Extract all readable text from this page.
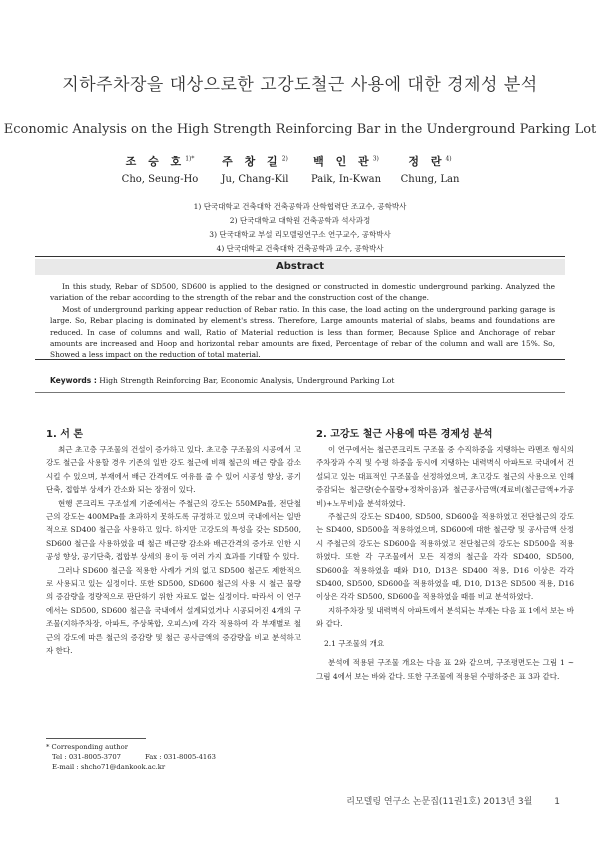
지하주차장을 대상으로한 고강도철근 사용에 대한 경제성 분석
Economic Analysis on the High Strength Reinforcing Bar in the Underground Parking Lot
조 승 호$^{1)*}$
Cho, Seung-Ho
주 창 길$^{2)}$
Ju, Chang-Kil
백 인 관$^{3)}$
Paik, In-Kwan
정 란$^{4)}$
Chung, Lan
1) 단국대학교 건축대학 건축공학과 산학협력단 조교수, 공학박사
2) 단국대학교 대학원 건축공학과 석사과정
3) 단국대학교 부설 리모델링연구소 연구교수, 공학박사
4) 단국대학교 건축대학 건축공학과 교수, 공학박사
Abstract

In this study, Rebar of SD500, SD600 is applied to the designed or constructed in domestic underground parking. Analyzed the variation of the rebar according to the strength of the rebar and the construction cost of the change.

Most of underground parking appear reduction of Rebar ratio. In this case, the load acting on the underground parking garage is large. So, Rebar placing is dominated by element's stress. Therefore, Large amounts material of slabs, beams and foundations are reduced. In case of columns and wall, Ratio of Material reduction is less than former, Because Splice and Anchorage of rebar amounts are increased and Hoop and horizontal rebar amounts are fixed, Percentage of rebar of the column and wall are 15%. So, Showed a less impact on the reduction of total material.

Keywords : High Strength Reinforcing Bar, Economic Analysis, Underground Parking Lot
1. 서 론	2. 고강도 철근 사용에 따른 경제성 분석

최근 초고층 구조물의 건설이 증가하고 있다. 초고층 구조물의 시공에서 고강도 철근을 사용할 경우 기존의 일반 강도 철근에 비해 철근의 배근 량을 감소시킬 수 있으며, 부재에서 배근 간격에도 여유를 줄 수 있어 시공성 향상, 공기단축, 접합부 상세가 간소화 되는 장점이 있다.

현행 콘크리트 구조설계 기준에서는 주철근의 강도는 550MPa를, 전단철근의 강도는 400MPa를 초과하지 못하도록 규정하고 있으며 국내에서는 일반적으로 SD400 철근을 사용하고 있다. 하지만 고강도의 특성을 갖는 SD500, SD600 철근을 사용하였을 때 철근 배근량 감소와 배근간격의 증가로 인한 시공성 향상, 공기단축, 접합부 상세의 용이 등 여러 가지 효과를 기대할 수 있다.

그러나 SD600 철근을 적용한 사례가 거의 없고 SD500 철근도 제한적으로 사용되고 있는 실정이다. 또한 SD500, SD600 철근의 사용 시 철근 물량의 증감량을 정량적으로 판단하기 위한 자료도 없는 실정이다. 따라서 이 연구에서는 SD500, SD600 철근을 국내에서 설계되었거나 시공되어진 4개의 구조물(지하주차장, 아파트, 주상복합, 오피스)에 각각 적용하여 각 부재별로 철근의 강도에 따른 철근의 증감량 및 철근 공사금액의 증감량을 비교 분석하고자 한다.

이 연구에서는 철근콘크리트 구조물 중 수직하중을 지탱하는 라멘조 형식의 주차장과 수직 및 수평 하중을 동시에 지탱하는 내력벽식 아파트로 국내에서 건설되고 있는 대표적인 구조물을 선정하였으며, 초고강도 철근의 사용으로 인해 증감되는 철근량(순수물량+정착이음)과 철근공사금액(재료비(철근금액+가공비)+노무비)을 분석하였다.

주철근의 강도는 SD400, SD500, SD600을 적용하였고 전단철근의 강도는 SD400, SD500을 적용하였으며, SD600에 대한 철근량 및 공사금액 산정 시 주철근의 강도는 SD600을 적용하였고 전단철근의 강도는 SD500을 적용하였다. 또한 각 구조물에서 모든 직경의 철근을 각각 SD400, SD500, SD600을 적용하였을 때와 D10, D13은 SD400 적용, D16 이상은 각각 SD400, SD500, SD600을 적용하였을 때, D10, D13은 SD500 적용, D16 이상은 각각 SD500, SD600을 적용하였을 때를 비교 분석하였다.

지하주차장 및 내력벽식 아파트에서 분석되는 부재는 다음 표 1에서 보는 바와 같다.

2.1 구조물의 개요

분석에 적용된 구조물 개요는 다음 표 2와 같으며, 구조평면도는 그림 1 ~ 그림 4에서 보는 바와 같다. 또한 구조물에 적용된 수평하중은 표 3과 같다.

* Corresponding author
Tel : 031-8005-3707	Fax : 031-8005-4163
E-mail : shcho71@dankook.ac.kr
리모델링 연구소 논문집(11권1호) 2013년 3월 1
